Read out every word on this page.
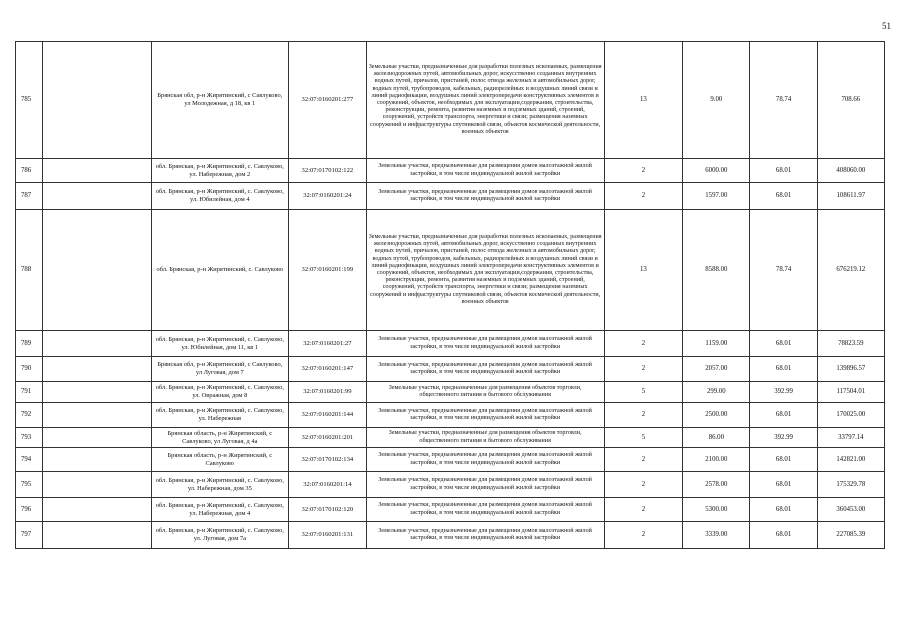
51
785		Брянская обл, р-н Жирятинский, с Савлуково, ул Молодежная, д 18, кв 1	32:07:0160201:277	Земельные участки, предназначенные для разработки полезных ископаемых, размещения железнодорожных путей, автомобильных дорог, искусственно созданных внутренних водных путей, причалов, пристаней, полос отвода железных и автомобильных дорог, водных путей, трубопроводов, кабельных, радиорелейных и воздушных линий связи и линий радиофикации, воздушных линий электропередачи конструктивных элементов и сооружений, объектов, необходимых для эксплуатации,содержания, строительства, реконструкции, ремонта, развития наземных и подземных зданий, строений, сооружений, устройств транспорта, энергетики и связи; размещения наземных сооружений и инфраструктуры спутниковой связи, объектов космической деятельности, военных объектов	13	9.00	78.74	708.66
786		обл. Брянская, р-н Жирятинский, с. Савлуково, ул. Набережная, дом 2	32:07:0170102:122	Земельные участки, предназначенные для размещения домов малоэтажной жилой застройки, в том числе индивидуальной жилой застройки	2	6000.00	68.01	408060.00
787		обл. Брянская, р-н Жирятинский, с. Савлуково, ул. Юбилейная, дом 4	32:07:0160201:24	Земельные участки, предназначенные для размещения домов малоэтажной жилой застройки, в том числе индивидуальной жилой застройки	2	1597.00	68.01	108611.97
788		обл. Брянская, р-н Жирятинский, с. Савлуково	32:07:0160201:199	Земельные участки, предназначенные для разработки полезных ископаемых, размещения железнодорожных путей, автомобильных дорог, искусственно созданных внутренних водных путей, причалов, пристаней, полос отвода железных и автомобильных дорог, водных путей, трубопроводов, кабельных, радиорелейных и воздушных линий связи и линий радиофикации, воздушных линий электропередачи конструктивных элементов и сооружений, объектов, необходимых для эксплуатации,содержания, строительства, реконструкции, ремонта, развития наземных и подземных зданий, строений, сооружений, устройств транспорта, энергетики и связи; размещения наземных сооружений и инфраструктуры спутниковой связи, объектов космической деятельности, военных объектов	13	8588.00	78.74	676219.12
789		обл. Брянская, р-н Жирятинский, с. Савлуково, ул. Юбилейная, дом 11, кв 1	32:07:0160201:27	Земельные участки, предназначенные для размещения домов малоэтажной жилой застройки, в том числе индивидуальной жилой застройки	2	1159.00	68.01	78823.59
790		Брянская обл, р-н Жирятинский, с Савлуково, ул Луговая, дом 7	32:07:0160201:147	Земельные участки, предназначенные для размещения домов малоэтажной жилой застройки, в том числе индивидуальной жилой застройки	2	2057.00	68.01	139896.57
791		обл. Брянская, р-н Жирятинский, с. Савлуково, ул. Овражная, дом 8	32:07:0160201:99	Земельные участки, предназначенные для размещения объектов торговли, общественного питания и бытового обслуживания	5	299.00	392.99	117504.01
792		обл. Брянская, р-н Жирятинский, с. Савлуково, ул. Набережная	32:07:0160201:144	Земельные участки, предназначенные для размещения домов малоэтажной жилой застройки, в том числе индивидуальной жилой застройки	2	2500.00	68.01	170025.00
793		Брянская область, р-н Жирятинский, с Савлуково, ул Луговая, д 4а	32:07:0160201:201	Земельные участки, предназначенные для размещения объектов торговли, общественного питания и бытового обслуживания	5	86.00	392.99	33797.14
794		Брянская область, р-н Жирятинский, с Савлуково	32:07:0170102:134	Земельные участки, предназначенные для размещения домов малоэтажной жилой застройки, в том числе индивидуальной жилой застройки	2	2100.00	68.01	142821.00
795		обл. Брянская, р-н Жирятинский, с. Савлуково, ул. Набережная, дом 35	32:07:0160201:14	Земельные участки, предназначенные для размещения домов малоэтажной жилой застройки, в том числе индивидуальной жилой застройки	2	2578.00	68.01	175329.78
796		обл. Брянская, р-н Жирятинский, с. Савлуково, ул. Набережная, дом 4	32:07:0170102:120	Земельные участки, предназначенные для размещения домов малоэтажной жилой застройки, в том числе индивидуальной жилой застройки	2	5300.00	68.01	360453.00
797		обл. Брянская, р-н Жирятинский, с. Савлуково, ул. Луговая, дом 7а	32:07:0160201:131	Земельные участки, предназначенные для размещения домов малоэтажной жилой застройки, в том числе индивидуальной жилой застройки	2	3339.00	68.01	227085.39
